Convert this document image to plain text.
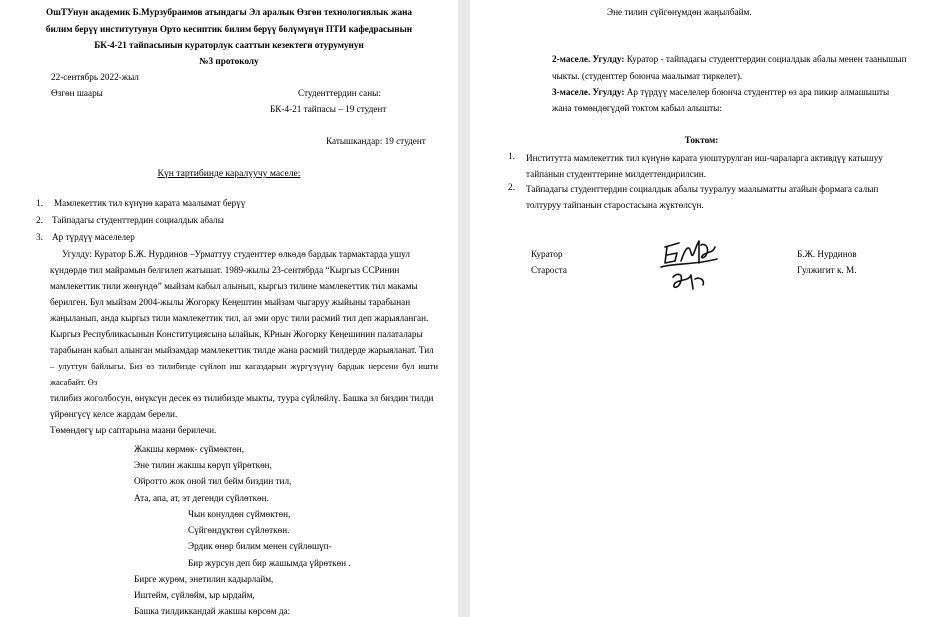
ОшТУнун академик Б.Мурзубраимов атындагы Эл аралык Өзгөн технологиялык жана
билим берүү институтунун Орто кесиптик билим берүү бөлүмүнүн ПТИ кафедрасынын
БК-4-21 тайпасынын кураторлук сааттын кезектеги отурумунун
№3 протоколу
22-сентябрь 2022-жыл
Өзгөн шаары	Студенттердин саны:
БК-4-21 тайпасы – 19 студент
Катышкандар: 19 студент
Күн тартибинде каралуучу маселе:
1. Мамлекеттик тил күнүнө карата маалымат берүү
2. Тайпадагы студенттердин социалдык абалы
3. Ар түрдүү маселелер
Угулду: Куратор Б.Ж. Нурдинов –Урматтуу студенттер өлкөдө бардык тармактарда ушул
күндөрдө тил майрамын белгилеп жатышат. 1989-жылы 23-сентябрда “Кыргыз ССРинин
мамлекеттик тили жөнүндө” мыйзам кабыл алынып, кыргыз тилине мамлекеттик тил макамы
берилген. Бул мыйзам 2004-жылы Жогорку Кеңештин мыйзам чыгаруу жыйыны тарабынан
жаңыланып, анда кыргыз тили мамлекеттик тил, ал эми орус тили расмий тил деп жарыяланган.
Кыргыз Республикасынын Конституциясына ылайык, КРнын Жогорку Кеңешинин палаталары
тарабынан кабыл алынган мыйзамдар мамлекеттик тилде жана расмий тилдерде жарыяланат. Тил
– улуттун байлыгы. Биз өз тилибизде сүйлөп иш кагаздарын жүргүзүүнү бардык нерсени бул ишти жасабайт. Өз
тилибиз жоголбосун, өнүксүн десек өз тилибизде мыкты, туура сүйлөйлү. Башка эл биздин тилди
үйрөнгүсү келсе жардам берели.
Төмөндөгү ыр саптарына маани берилечи.
Жакшы көрмөк- сүймөктөн,
Эне тилин жакшы көрүп үйрөткөн,
Ойротто жок оной тил бейм биздин тил,
Ата, апа, ат, эт дегенди сүйлөткөн.
Чын конулдөн сүймөктөн,
Сүйгөндүктөн сүйлөткөн.
Эрдик өнөр билим менен сүйлөшүп-
Бир журсун деп бир жашымда үйрөткөн .
Бирге журөм, энетилин кадырлайм,
Иштейм, сүйлөйм, ыр ырдайм,
Башка тилдиккандай жакшы көрсөм да:
Эне тилин сүйгөнүмдөн жаңылбайм.
2-маселе. Угулду: Куратор - тайпадагы студенттердин социалдык абалы менен таанышып
чыкты. (студенттер боюнча маалымат тиркелет).
3-маселе. Угулду: Ар түрдүү маселелер боюнча студенттер өз ара пикир алмашышты
жана төмөндөгүдөй токтом кабыл алышты:
Токтом:
1. Институтта мамлекеттик тил күнүнө карата уюштурулган иш-чараларга активдүү катышуу
тайпанын студенттерине милдеттендирилсин.
2. Тайпадагы студенттердин социалдык абалы тууралуу маалыматты атайын формага салып
толтуруу тайпанын старостасына жүктөлсүн.
Куратор	Б.Ж. Нурдинов
Староста	Гулжигит к. М.
